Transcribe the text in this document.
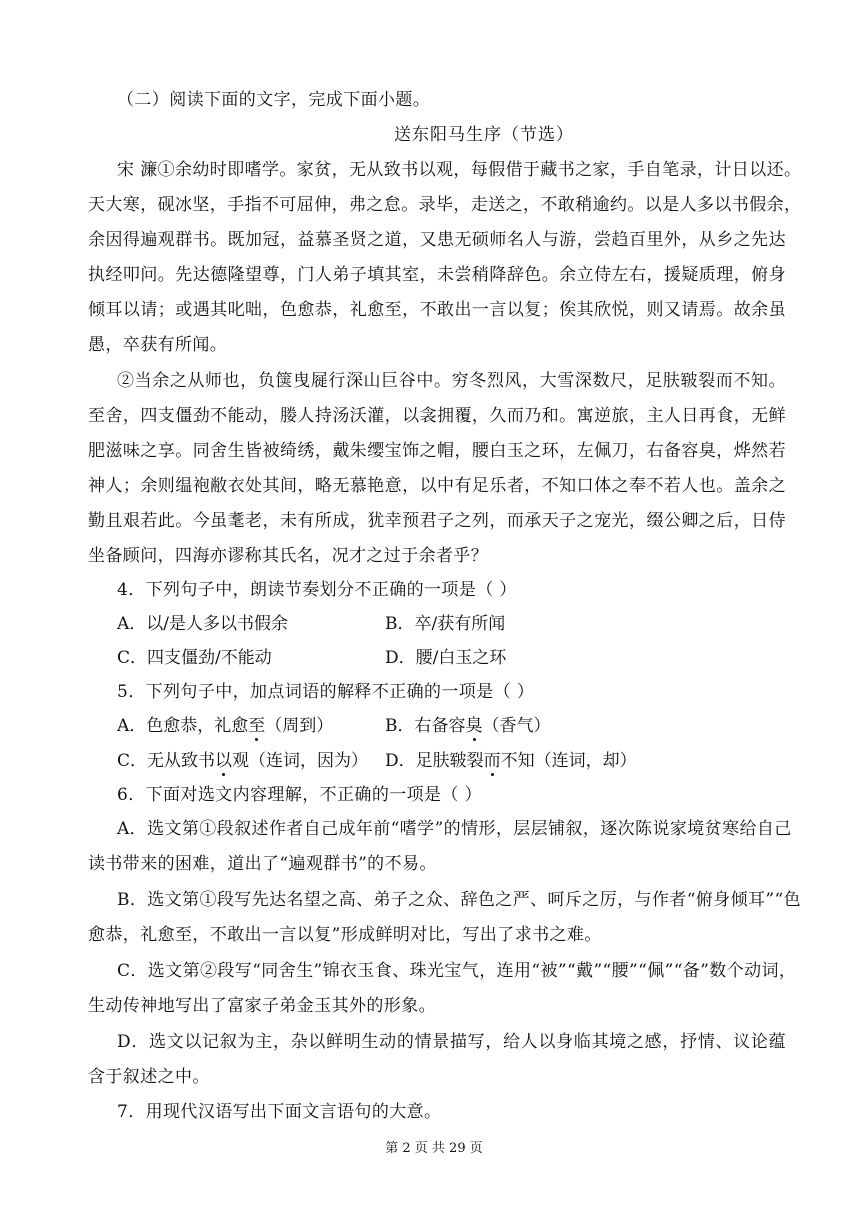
（二）阅读下面的文字，完成下面小题。
送东阳马生序（节选）
宋 濂①余幼时即嗜学。家贫，无从致书以观，每假借于藏书之家，手自笔录，计日以还。
天大寒，砚冰坚，手指不可屈伸，弗之怠。录毕，走送之，不敢稍逾约。以是人多以书假余，
余因得遍观群书。既加冠，益慕圣贤之道，又患无硕师名人与游，尝趋百里外，从乡之先达
执经叩问。先达德隆望尊，门人弟子填其室，未尝稍降辞色。余立侍左右，援疑质理，俯身
倾耳以请；或遇其叱咄，色愈恭，礼愈至，不敢出一言以复；俟其欣悦，则又请焉。故余虽
愚，卒获有所闻。
②当余之从师也，负箧曳屣行深山巨谷中。穷冬烈风，大雪深数尺，足肤皲裂而不知。
至舍，四支僵劲不能动，媵人持汤沃灌，以衾拥覆，久而乃和。寓逆旅，主人日再食，无鲜
肥滋味之享。同舍生皆被绮绣，戴朱缨宝饰之帽，腰白玉之环，左佩刀，右备容臭，烨然若
神人；余则缊袍敝衣处其间，略无慕艳意，以中有足乐者，不知口体之奉不若人也。盖余之
勤且艰若此。今虽耄老，未有所成，犹幸预君子之列，而承天子之宠光，缀公卿之后，日侍
坐备顾问，四海亦谬称其氏名，况才之过于余者乎？
4．下列句子中，朗读节奏划分不正确的一项是（ ）
A．以/是人多以书假余	B．卒/获有所闻
C．四支僵劲/不能动	D．腰/白玉之环
5．下列句子中，加点词语的解释不正确的一项是（ ）
A．色愈恭，礼愈至（周到）	B．右备容臭（香气）
C．无从致书以观（连词，因为） D．足肤皲裂而不知（连词，却）
6．下面对选文内容理解，不正确的一项是（ ）
A．选文第①段叙述作者自己成年前“嗜学”的情形，层层铺叙，逐次陈说家境贫寒给自己
读书带来的困难，道出了“遍观群书”的不易。
B．选文第①段写先达名望之高、弟子之众、辞色之严、呵斥之厉，与作者“俯身倾耳”“色
愈恭，礼愈至，不敢出一言以复”形成鲜明对比，写出了求书之难。
C．选文第②段写“同舍生”锦衣玉食、珠光宝气，连用“被”“戴”“腰”“佩”“备”数个动词，
生动传神地写出了富家子弟金玉其外的形象。
D．选文以记叙为主，杂以鲜明生动的情景描写，给人以身临其境之感，抒情、议论蕴
含于叙述之中。
7．用现代汉语写出下面文言语句的大意。
第 2 页 共 29 页
